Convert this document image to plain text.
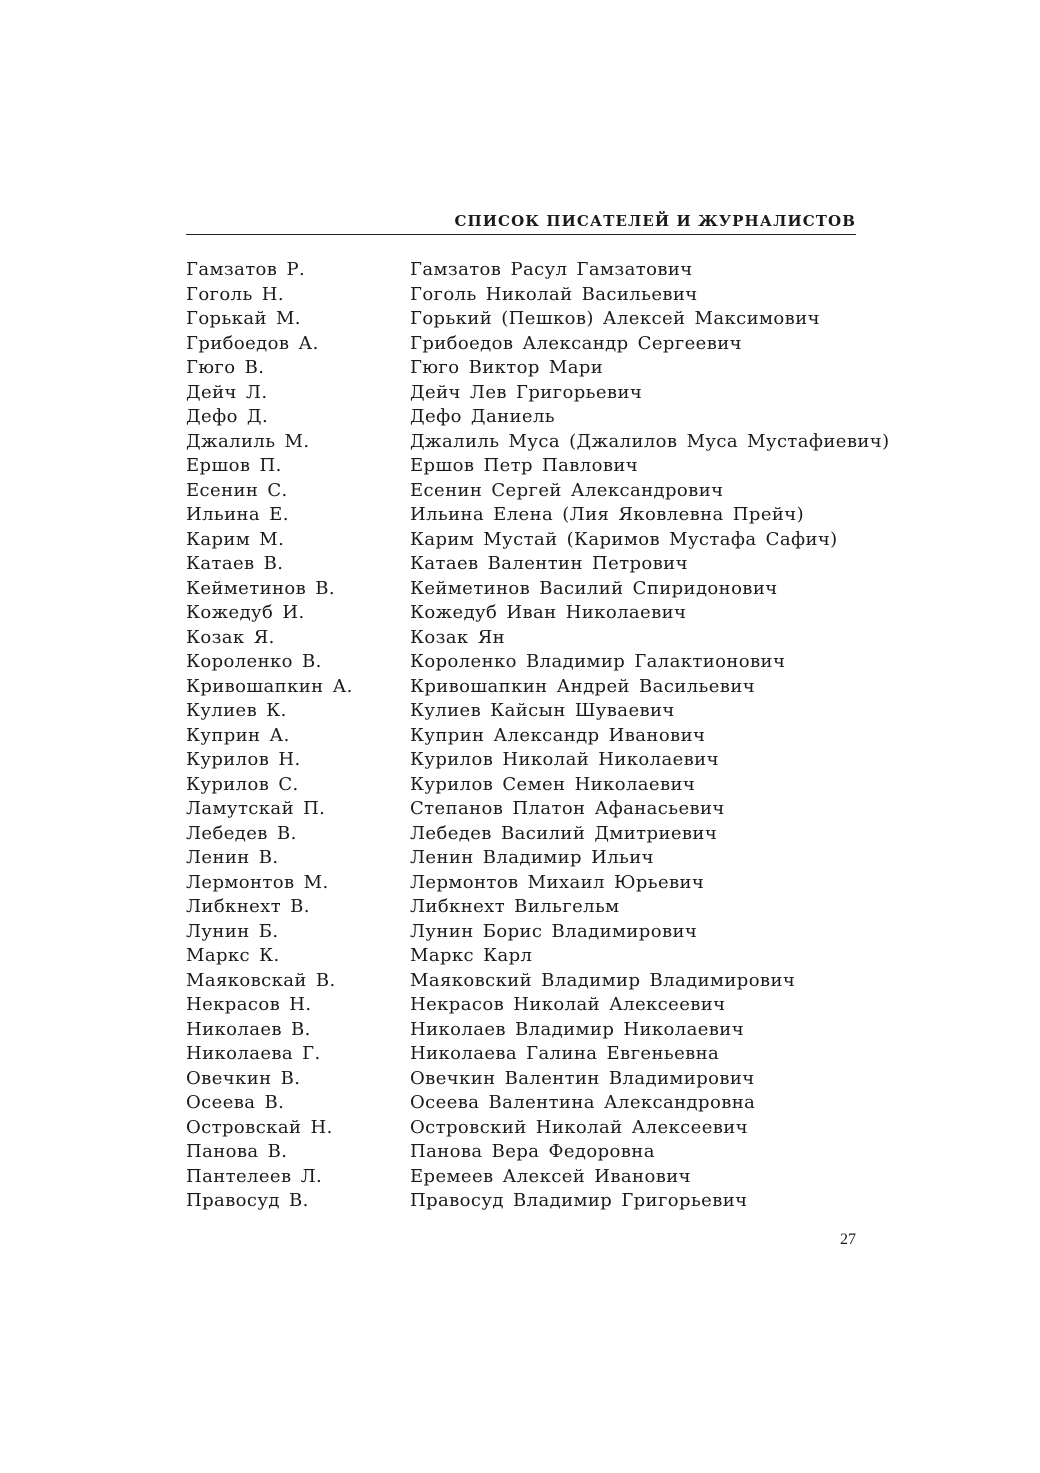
СПИСОК ПИСАТЕЛЕЙ И ЖУРНАЛИСТОВ
Гамзатов Р.	Гамзатов Расул Гамзатович
Гоголь Н.	Гоголь Николай Васильевич
Горькай М.	Горький (Пешков) Алексей Максимович
Грибоедов А.	Грибоедов Александр Сергеевич
Гюго В.	Гюго Виктор Мари
Дейч Л.	Дейч Лев Григорьевич
Дефо Д.	Дефо Даниель
Джалиль М.	Джалиль Муса (Джалилов Муса Мустафиевич)
Ершов П.	Ершов Петр Павлович
Есенин С.	Есенин Сергей Александрович
Ильина Е.	Ильина Елена (Лия Яковлевна Прейч)
Карим М.	Карим Мустай (Каримов Мустафа Сафич)
Катаев В.	Катаев Валентин Петрович
Кейметинов В.	Кейметинов Василий Спиридонович
Кожедуб И.	Кожедуб Иван Николаевич
Козак Я.	Козак Ян
Короленко В.	Короленко Владимир Галактионович
Кривошапкин А.	Кривошапкин Андрей Васильевич
Кулиев К.	Кулиев Кайсын Шуваевич
Куприн А.	Куприн Александр Иванович
Курилов Н.	Курилов Николай Николаевич
Курилов С.	Курилов Семен Николаевич
Ламутскай П.	Степанов Платон Афанасьевич
Лебедев В.	Лебедев Василий Дмитриевич
Ленин В.	Ленин Владимир Ильич
Лермонтов М.	Лермонтов Михаил Юрьевич
Либкнехт В.	Либкнехт Вильгельм
Лунин Б.	Лунин Борис Владимирович
Маркс К.	Маркс Карл
Маяковскай В.	Маяковский Владимир Владимирович
Некрасов Н.	Некрасов Николай Алексеевич
Николаев В.	Николаев Владимир Николаевич
Николаева Г.	Николаева Галина Евгеньевна
Овечкин В.	Овечкин Валентин Владимирович
Осеева В.	Осеева Валентина Александровна
Островскай Н.	Островский Николай Алексеевич
Панова В.	Панова Вера Федоровна
Пантелеев Л.	Еремеев Алексей Иванович
Правосуд В.	Правосуд Владимир Григорьевич
27
